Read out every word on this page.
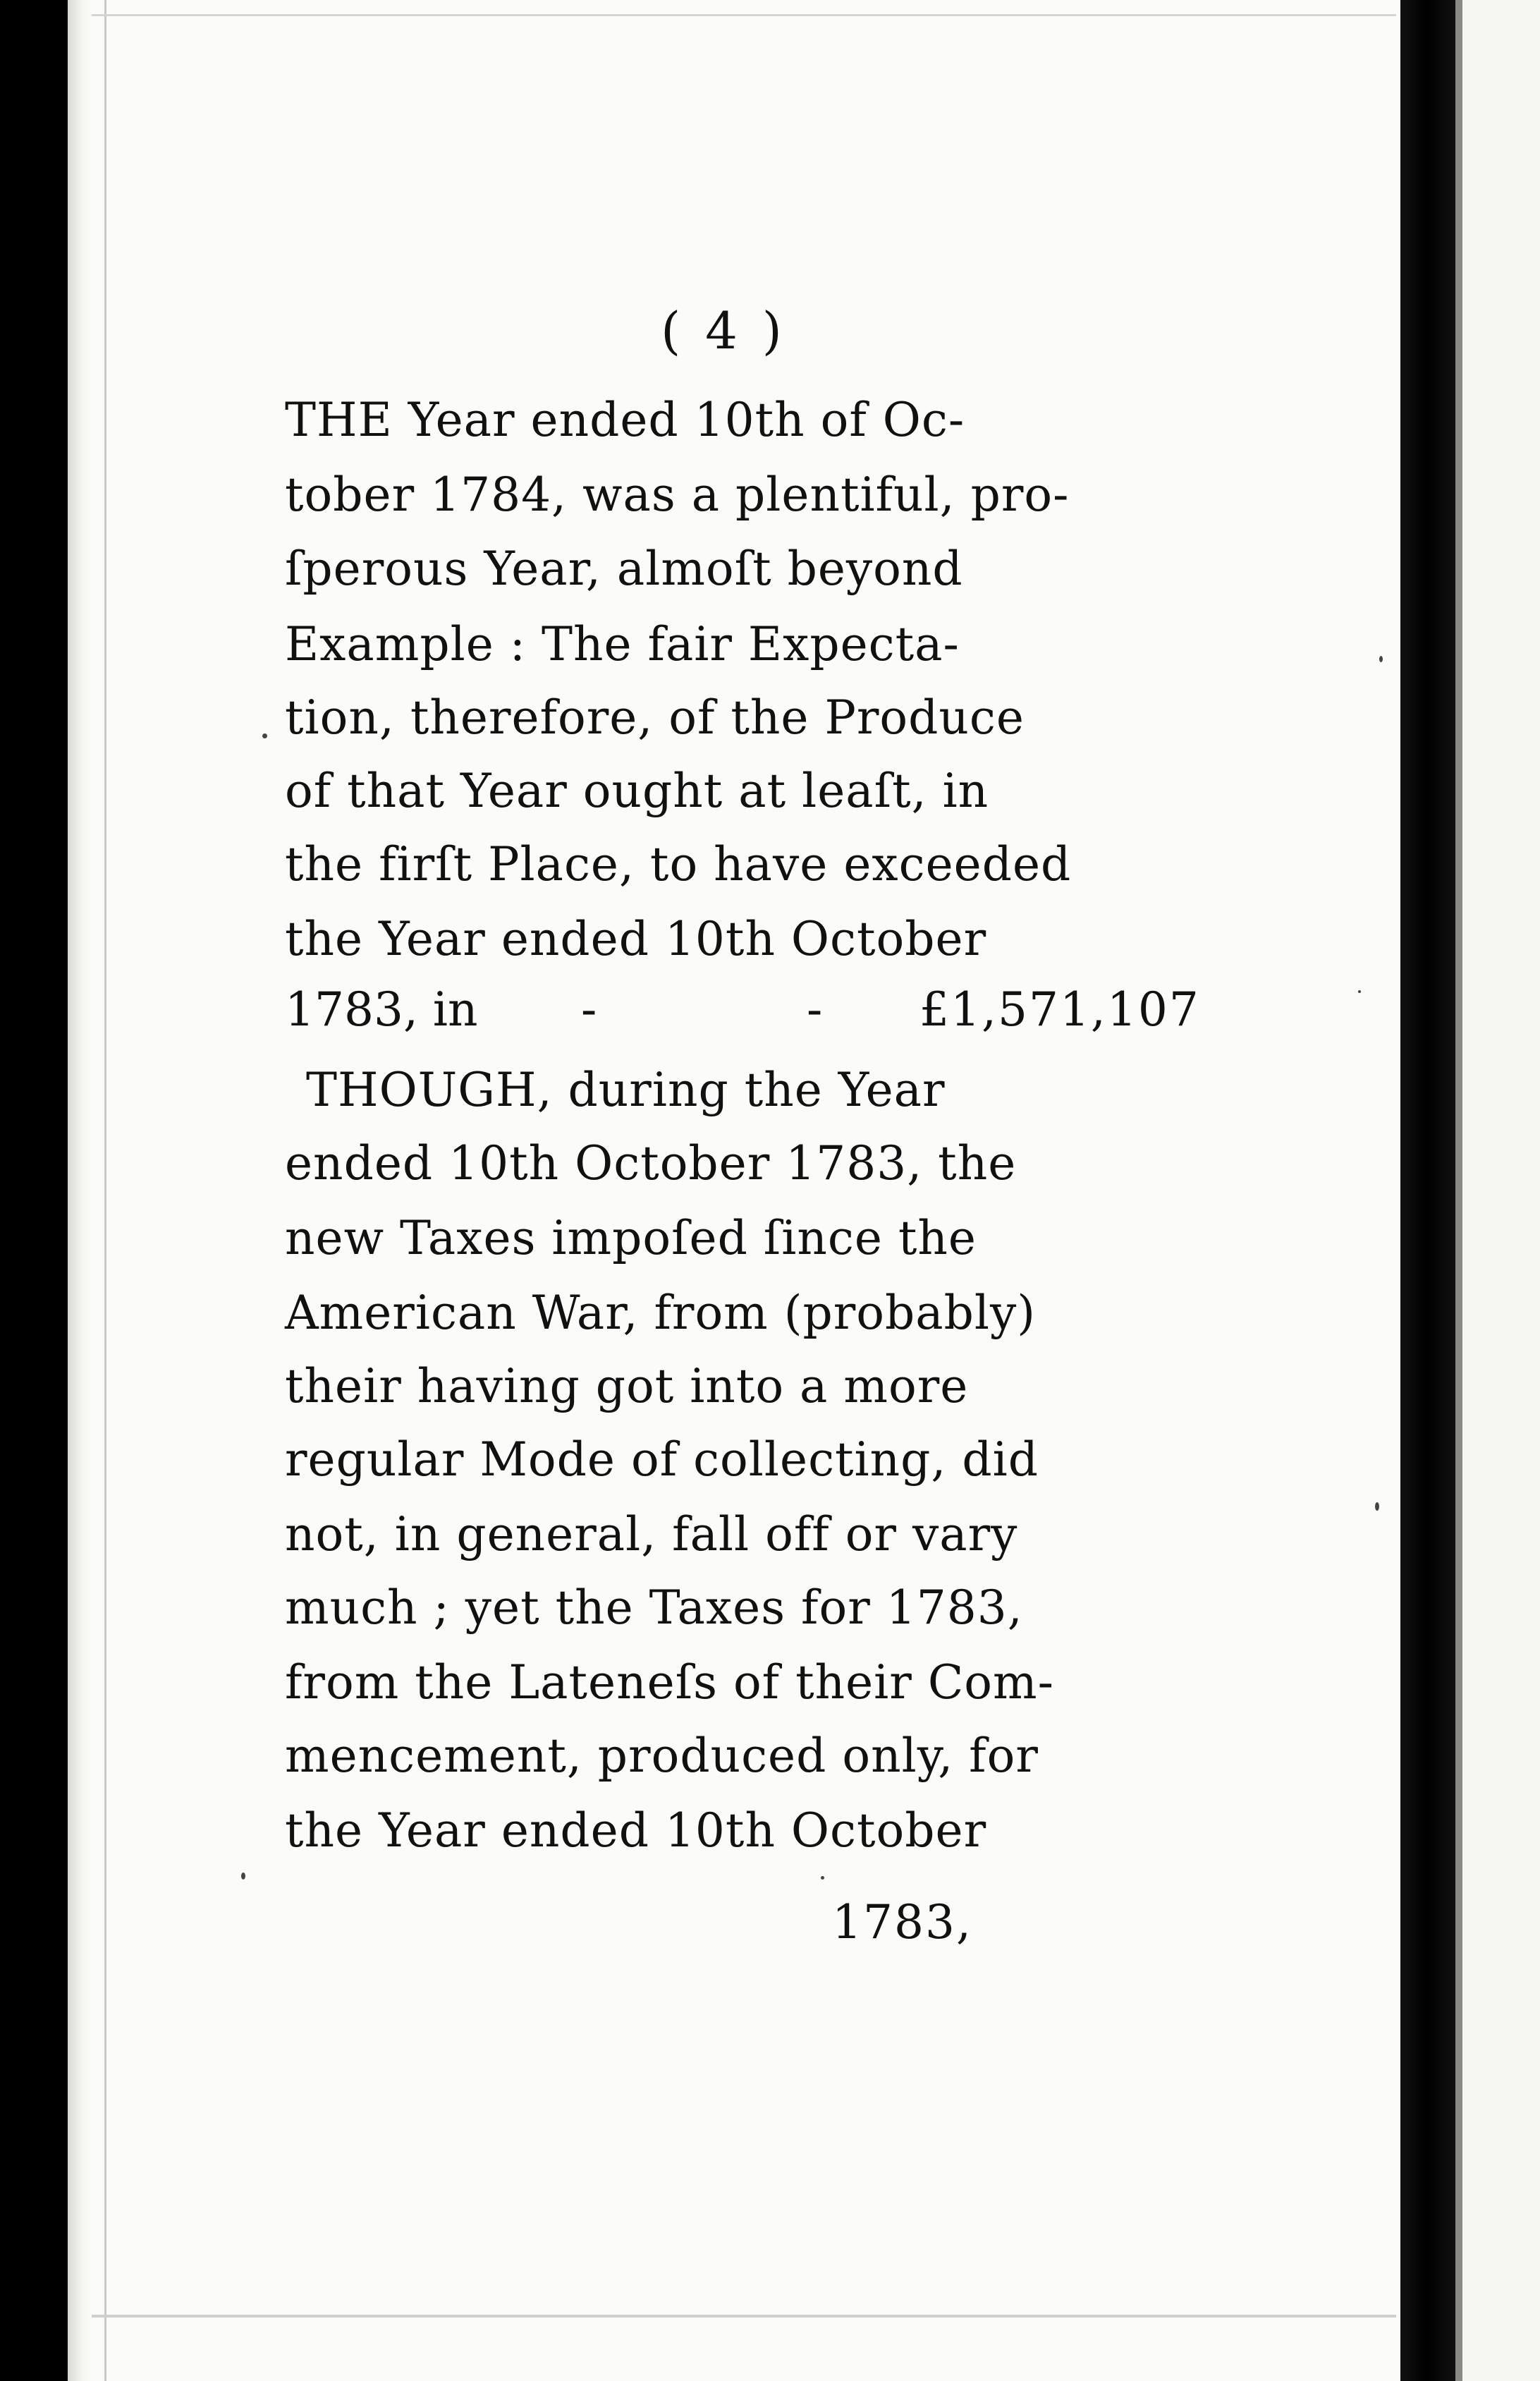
( 4 )
THE Year ended 10th of Oc-
tober 1784, was a plentiful, pro-
ſperous Year, almoſt beyond
Example : The fair Expecta-
tion, therefore, of the Produce
of that Year ought at leaſt, in
the firſt Place, to have exceeded
the Year ended 10th October
THOUGH, during the Year
ended 10th October 1783, the
new Taxes impoſed ſince the
American War, from (probably)
their having got into a more
regular Mode of collecting, did
not, in general, fall off or vary
much ; yet the Taxes for 1783,
from the Lateneſs of their Com-
mencement, produced only, for
the Year ended 10th October
1783, in -	- £1,571,107
1783,
